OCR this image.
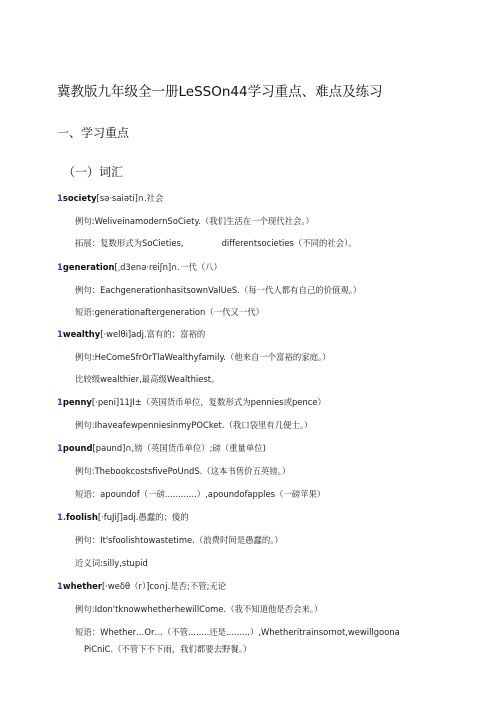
冀教版九年级全一册LeSSOn44学习重点、难点及练习
一、学习重点
（一）词汇
1society[sə·saiəti]∩.社会
例句:WeliveinamodernSoCiety.（我们生活在一个现代社会。）
拓展：复数形式为SoCieties,	differentsocieties（不同的社会）。
1generation[ˌd3enə·reiʃn]∩.一代（八）
例句：EachgenerationhasitsownValUeS.（每一代人都有自己的价值观。）
短语:generationaftergeneration（一代又一代）
1wealthy[·welθi]adj.富有的；富裕的
例句:HeComeSfrOrTlaWealthyfamily.（他来自一个富裕的家庭。）
比较级wealthier,最高级Wealthiest。
1penny[·peni]11JI±（英国货币单位，复数形式为pennies或pence）
例句:IhaveafewpenniesinmyPOCket.（我口袋里有几便士。）
1pound[paund]∩,镑（英国货币单位）;磅（重量单位)
例句:ThebookcostsfivePoUndS.（这本书售价五英镑。）
短语：apoundof（一磅............）,apoundofapples（一磅苹果）
1.foolish[·fuJiʃ]adj.愚蠢的；傻的
例句：It'sfoolishtowastetime.（浪费时间是愚蠢的。）
近义词:silly,stupid
1whether[·weδθ（r）]co∩j.是否;不管;无论
例句:Idon'tknowwhetherhewillCome.（我不知道他是否会来。）
短语：Whether…Or…（不管........还是.........）,Whetheritrainsornot,wewillgoona
PiCniC.（不管下不下雨，我们都要去野餐。）
